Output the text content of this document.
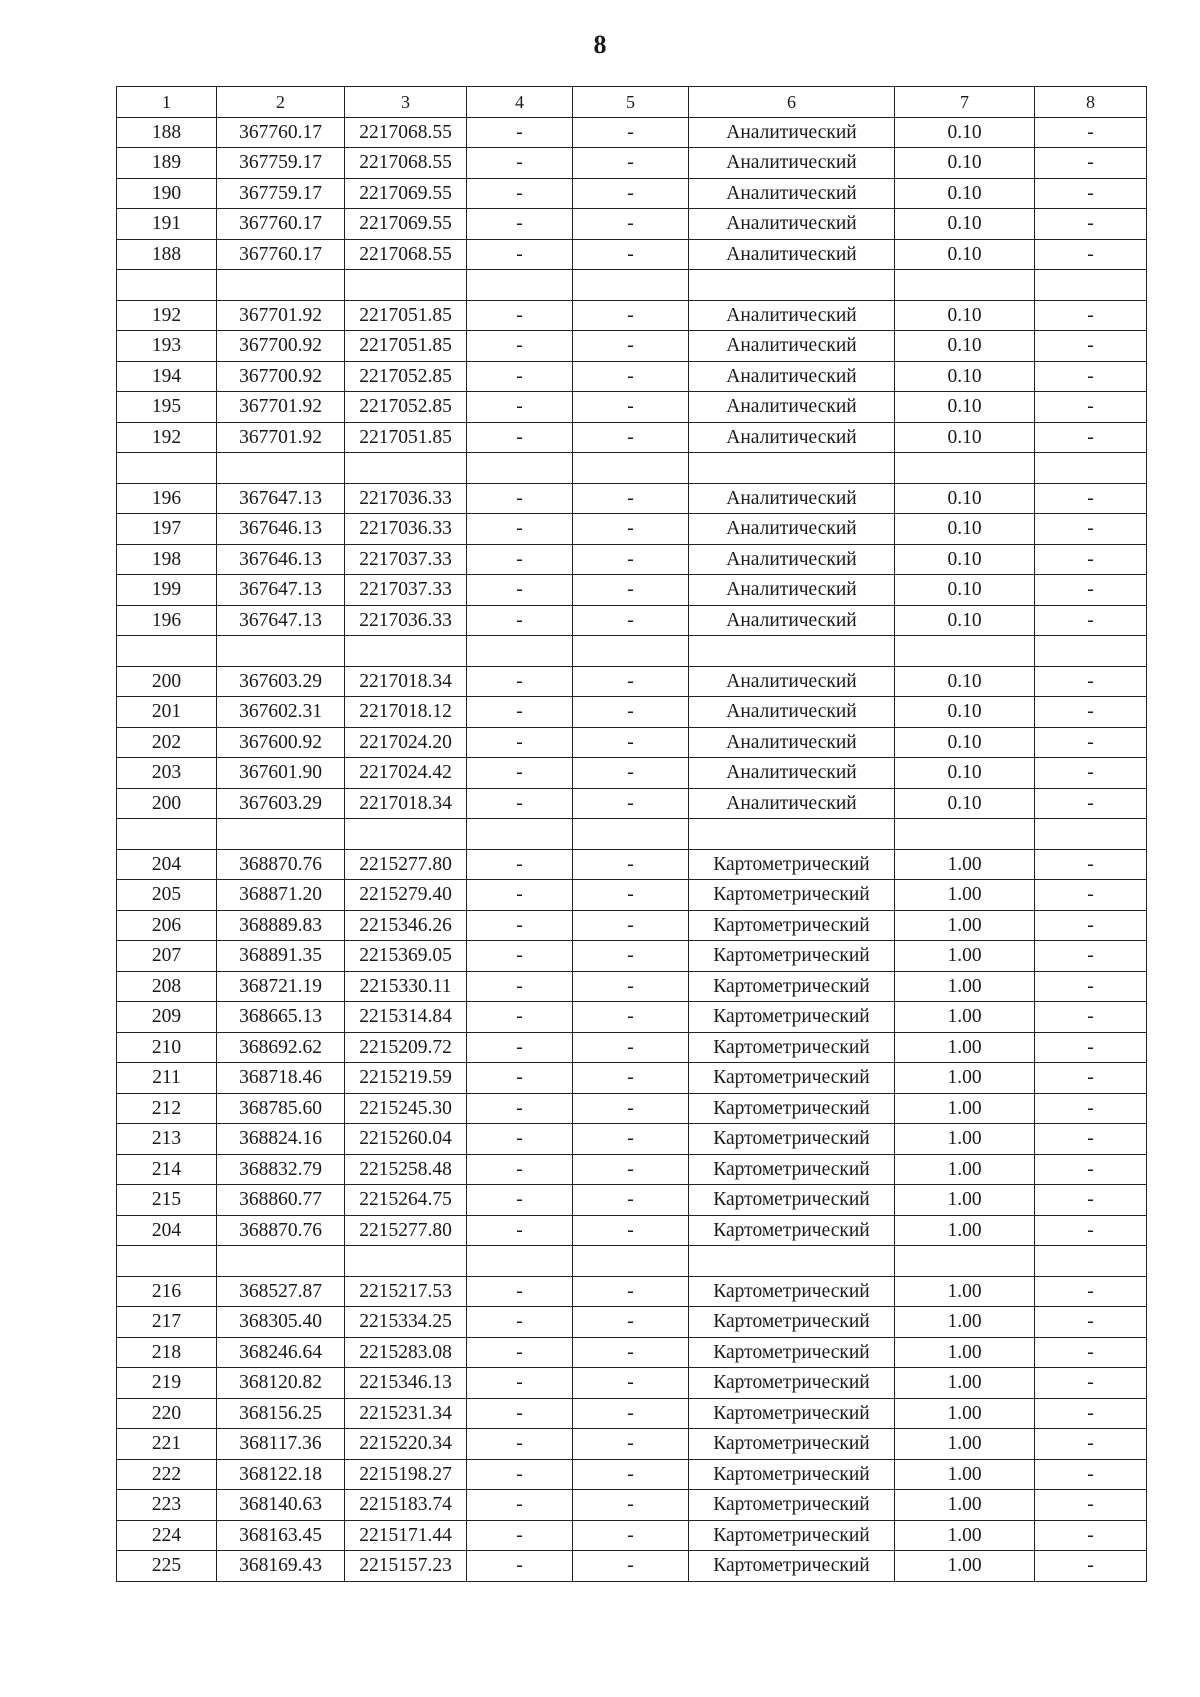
8
1	2	3	4	5	6	7	8
188	367760.17	2217068.55	-	-	Аналитический	0.10	-
189	367759.17	2217068.55	-	-	Аналитический	0.10	-
190	367759.17	2217069.55	-	-	Аналитический	0.10	-
191	367760.17	2217069.55	-	-	Аналитический	0.10	-
188	367760.17	2217068.55	-	-	Аналитический	0.10	-

192	367701.92	2217051.85	-	-	Аналитический	0.10	-
193	367700.92	2217051.85	-	-	Аналитический	0.10	-
194	367700.92	2217052.85	-	-	Аналитический	0.10	-
195	367701.92	2217052.85	-	-	Аналитический	0.10	-
192	367701.92	2217051.85	-	-	Аналитический	0.10	-

196	367647.13	2217036.33	-	-	Аналитический	0.10	-
197	367646.13	2217036.33	-	-	Аналитический	0.10	-
198	367646.13	2217037.33	-	-	Аналитический	0.10	-
199	367647.13	2217037.33	-	-	Аналитический	0.10	-
196	367647.13	2217036.33	-	-	Аналитический	0.10	-

200	367603.29	2217018.34	-	-	Аналитический	0.10	-
201	367602.31	2217018.12	-	-	Аналитический	0.10	-
202	367600.92	2217024.20	-	-	Аналитический	0.10	-
203	367601.90	2217024.42	-	-	Аналитический	0.10	-
200	367603.29	2217018.34	-	-	Аналитический	0.10	-

204	368870.76	2215277.80	-	-	Картометрический	1.00	-
205	368871.20	2215279.40	-	-	Картометрический	1.00	-
206	368889.83	2215346.26	-	-	Картометрический	1.00	-
207	368891.35	2215369.05	-	-	Картометрический	1.00	-
208	368721.19	2215330.11	-	-	Картометрический	1.00	-
209	368665.13	2215314.84	-	-	Картометрический	1.00	-
210	368692.62	2215209.72	-	-	Картометрический	1.00	-
211	368718.46	2215219.59	-	-	Картометрический	1.00	-
212	368785.60	2215245.30	-	-	Картометрический	1.00	-
213	368824.16	2215260.04	-	-	Картометрический	1.00	-
214	368832.79	2215258.48	-	-	Картометрический	1.00	-
215	368860.77	2215264.75	-	-	Картометрический	1.00	-
204	368870.76	2215277.80	-	-	Картометрический	1.00	-

216	368527.87	2215217.53	-	-	Картометрический	1.00	-
217	368305.40	2215334.25	-	-	Картометрический	1.00	-
218	368246.64	2215283.08	-	-	Картометрический	1.00	-
219	368120.82	2215346.13	-	-	Картометрический	1.00	-
220	368156.25	2215231.34	-	-	Картометрический	1.00	-
221	368117.36	2215220.34	-	-	Картометрический	1.00	-
222	368122.18	2215198.27	-	-	Картометрический	1.00	-
223	368140.63	2215183.74	-	-	Картометрический	1.00	-
224	368163.45	2215171.44	-	-	Картометрический	1.00	-
225	368169.43	2215157.23	-	-	Картометрический	1.00	-
